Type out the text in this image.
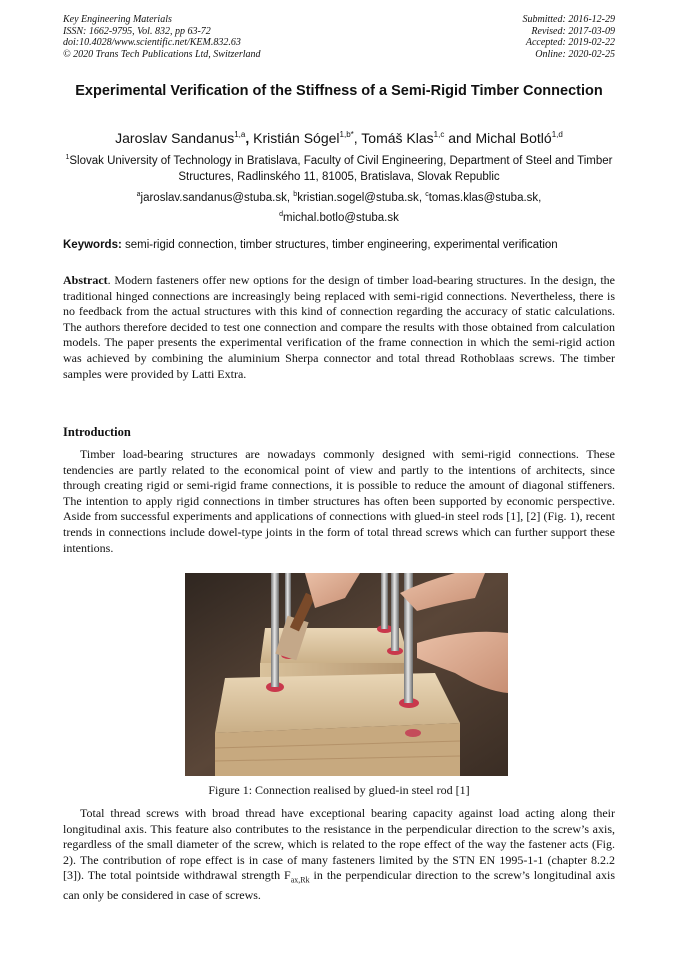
Key Engineering Materials
ISSN: 1662-9795, Vol. 832, pp 63-72
doi:10.4028/www.scientific.net/KEM.832.63
© 2020 Trans Tech Publications Ltd, Switzerland
Submitted: 2016-12-29
Revised: 2017-03-09
Accepted: 2019-02-22
Online: 2020-02-25
Experimental Verification of the Stiffness of a Semi-Rigid Timber Connection
Jaroslav Sandanus$^{1,a}$, Kristián Sógel$^{1,b*}$, Tomáš Klas$^{1,c}$ and Michal Botló$^{1,d}$
$^1$Slovak University of Technology in Bratislava, Faculty of Civil Engineering, Department of Steel and Timber Structures, Radlinského 11, 81005, Bratislava, Slovak Republic
$^a$jaroslav.sandanus@stuba.sk, $^b$kristian.sogel@stuba.sk, $^c$tomas.klas@stuba.sk,
$^d$michal.botlo@stuba.sk
Keywords: semi-rigid connection, timber structures, timber engineering, experimental verification
Abstract. Modern fasteners offer new options for the design of timber load-bearing structures. In the design, the traditional hinged connections are increasingly being replaced with semi-rigid connections. Nevertheless, there is no feedback from the actual structures with this kind of connection regarding the accuracy of static calculations. The authors therefore decided to test one connection and compare the results with those obtained from calculation models. The paper presents the experimental verification of the frame connection in which the semi-rigid action was achieved by combining the aluminium Sherpa connector and total thread Rothoblaas screws. The timber samples were provided by Latti Extra.
Introduction
Timber load-bearing structures are nowadays commonly designed with semi-rigid connections. These tendencies are partly related to the economical point of view and partly to the intentions of architects, since through creating rigid or semi-rigid frame connections, it is possible to reduce the amount of diagonal stiffeners. The intention to apply rigid connections in timber structures has often been supported by economic perspective. Aside from successful experiments and applications of connections with glued-in steel rods [1], [2] (Fig. 1), recent trends in connections include dowel-type joints in the form of total thread screws which can further support these intentions.
Figure 1: Connection realised by glued-in steel rod [1]
Total thread screws with broad thread have exceptional bearing capacity against load acting along their longitudinal axis. This feature also contributes to the resistance in the perpendicular direction to the screw’s axis, regardless of the small diameter of the screw, which is related to the rope effect of the way the fastener acts (Fig. 2). The contribution of rope effect is in case of many fasteners limited by the STN EN 1995-1-1 (chapter 8.2.2 [3]). The total pointside withdrawal strength $F_{ax,Rk}$ in the perpendicular direction to the screw’s longitudinal axis can only be considered in case of screws.
